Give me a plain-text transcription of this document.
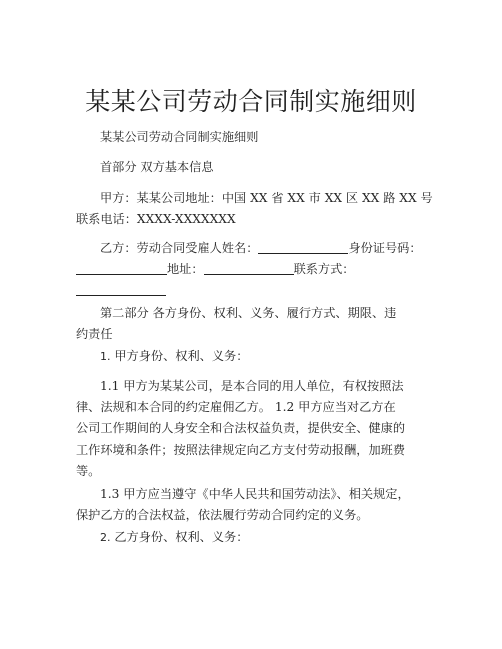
某某公司劳动合同制实施细则

某某公司劳动合同制实施细则

首部分 双方基本信息

甲方：某某公司地址：中国 XX 省 XX 市 XX 区 XX 路 XX 号
联系电话：XXXX-XXXXXXX
乙方：劳动合同受雇人姓名：	身份证号码：
地址：	联系方式：
第二部分 各方身份、权利、义务、履行方式、期限、违
约责任
1. 甲方身份、权利、义务：
1.1 甲方为某某公司，是本合同的用人单位，有权按照法
律、法规和本合同的约定雇佣乙方。 1.2 甲方应当对乙方在
公司工作期间的人身安全和合法权益负责，提供安全、健康的
工作环境和条件；按照法律规定向乙方支付劳动报酬，加班费
等。
1.3 甲方应当遵守《中华人民共和国劳动法》、相关规定，
保护乙方的合法权益，依法履行劳动合同约定的义务。
2. 乙方身份、权利、义务：
